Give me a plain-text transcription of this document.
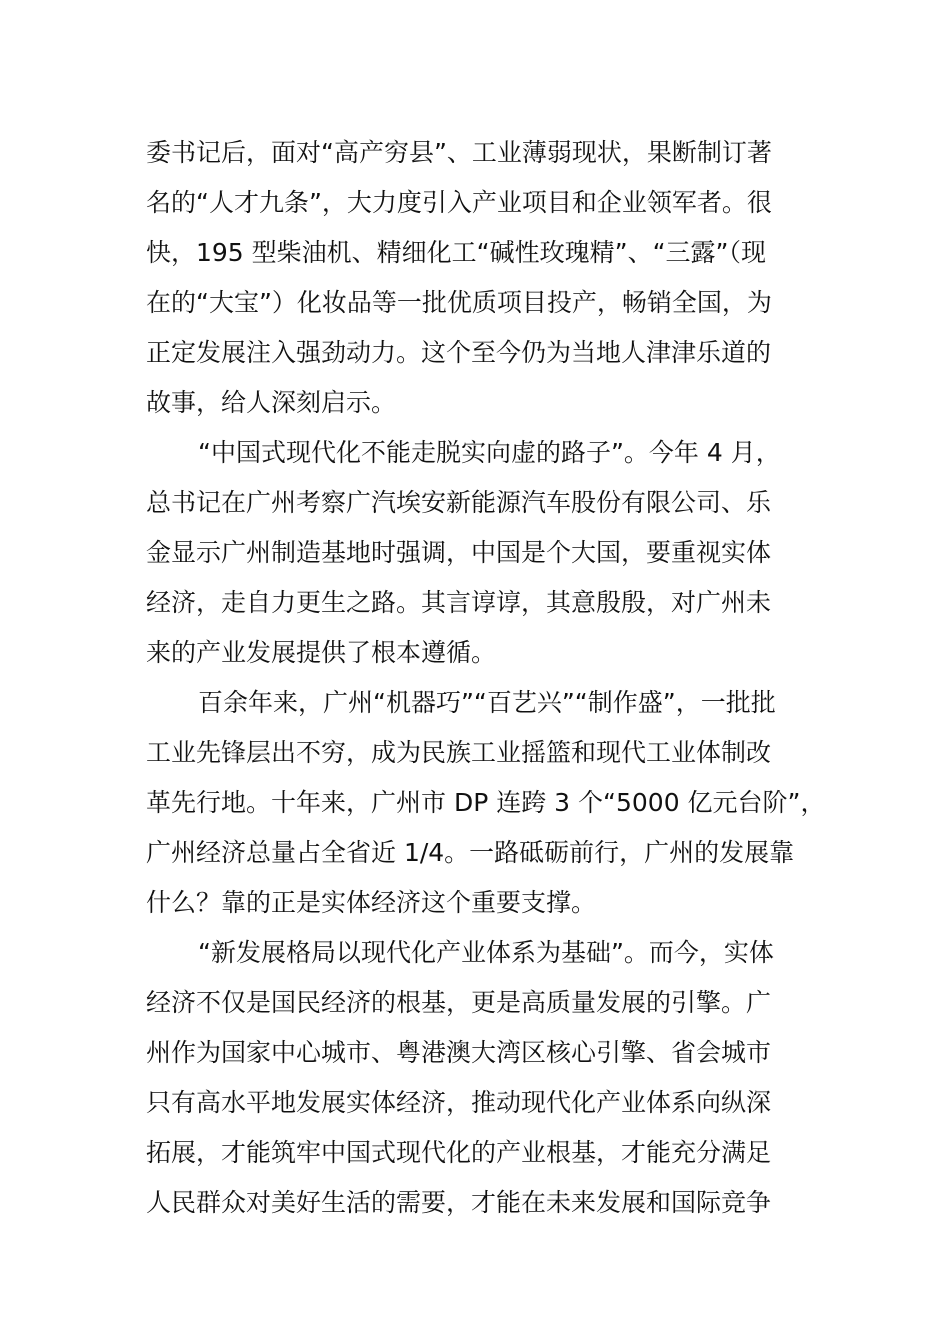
委书记后，面对“高产穷县”、工业薄弱现状，果断制订著
名的“人才九条”，大力度引入产业项目和企业领军者。很
快，195 型柴油机、精细化工“碱性玫瑰精”、“三露”（现
在的“大宝”）化妆品等一批优质项目投产，畅销全国，为
正定发展注入强劲动力。这个至今仍为当地人津津乐道的
故事，给人深刻启示。
“中国式现代化不能走脱实向虚的路子”。今年 4 月，
总书记在广州考察广汽埃安新能源汽车股份有限公司、乐
金显示广州制造基地时强调，中国是个大国，要重视实体
经济，走自力更生之路。其言谆谆，其意殷殷，对广州未
来的产业发展提供了根本遵循。
百余年来，广州“机器巧”“百艺兴”“制作盛”，一批批
工业先锋层出不穷，成为民族工业摇篮和现代工业体制改
革先行地。十年来，广州市 DP 连跨 3 个“5000 亿元台阶”，
广州经济总量占全省近 1/4。一路砥砺前行，广州的发展靠
什么？靠的正是实体经济这个重要支撑。
“新发展格局以现代化产业体系为基础”。而今，实体
经济不仅是国民经济的根基，更是高质量发展的引擎。广
州作为国家中心城市、粤港澳大湾区核心引擎、省会城市
只有高水平地发展实体经济，推动现代化产业体系向纵深
拓展，才能筑牢中国式现代化的产业根基，才能充分满足
人民群众对美好生活的需要，才能在未来发展和国际竞争
